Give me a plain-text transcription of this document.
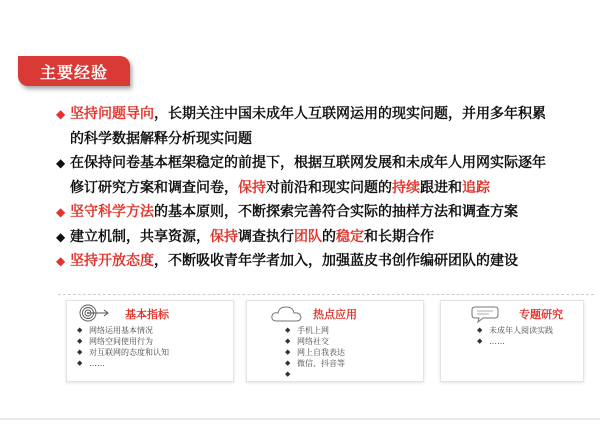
主要经验
◆ 坚持问题导向，长期关注中国未成年人互联网运用的现实问题，并用多年积累
的科学数据解释分析现实问题
◆ 在保持问卷基本框架稳定的前提下，根据互联网发展和未成年人用网实际逐年
修订研究方案和调查问卷，保持对前沿和现实问题的持续跟进和追踪
◆ 坚守科学方法的基本原则，不断探索完善符合实际的抽样方法和调查方案
◆ 建立机制，共享资源，保持调查执行团队的稳定和长期合作
◆ 坚持开放态度，不断吸收青年学者加入，加强蓝皮书创作编研团队的建设
基本指标
◆ 网络运用基本情况
◆ 网络空间使用行为
◆ 对互联网的态度和认知
◆ ……
热点应用
◆ 手机上网
◆ 网络社交
◆ 网上自我表达
◆ 微信、抖音等
◆
专题研究
◆ 未成年人阅读实践
◆ ……
